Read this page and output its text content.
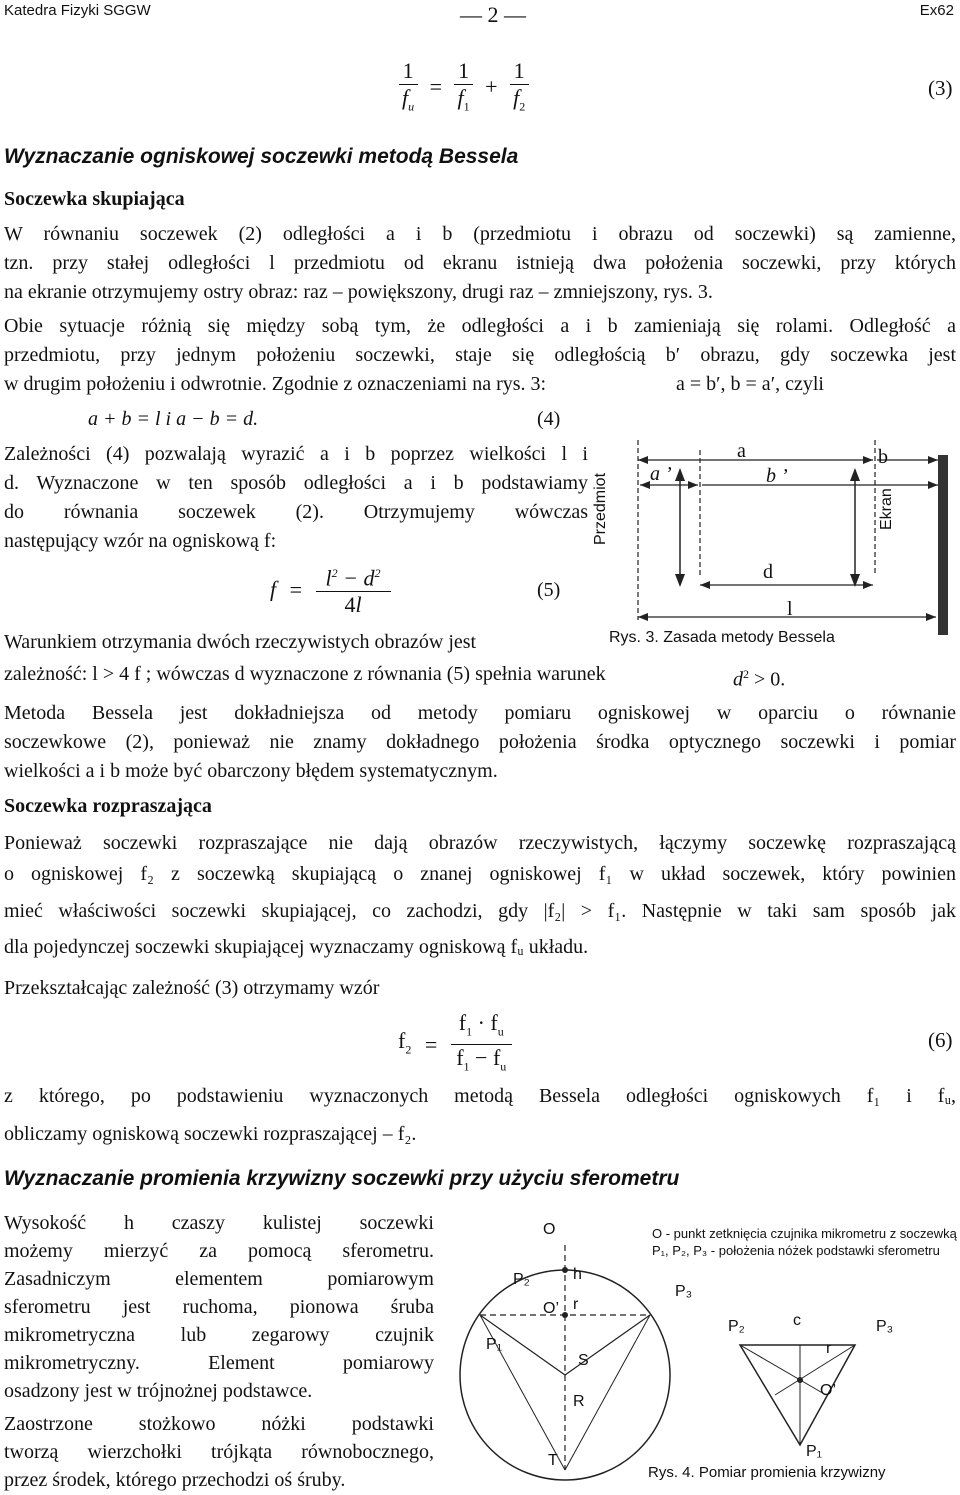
Katedra Fizyki SGGW	— 2 —	Ex62
$\frac{1}{f_u} = \frac{1}{f_1} + \frac{1}{f_2}$	(3)
Wyznaczanie ogniskowej soczewki metodą Bessela
Soczewka skupiająca
W równaniu soczewek (2) odległości a i b (przedmiotu i obrazu od soczewki) są zamienne,
tzn. przy stałej odległości l przedmiotu od ekranu istnieją dwa położenia soczewki, przy których
na ekranie otrzymujemy ostry obraz: raz ⎯ powiększony, drugi raz ⎯ zmniejszony, rys. 3.
Obie sytuacje różnią się między sobą tym, że odległości a i b zamieniają się rolami. Odległość a
przedmiotu, przy jednym położeniu soczewki, staje się odległością b′ obrazu, gdy soczewka jest
w drugim położeniu i odwrotnie. Zgodnie z oznaczeniami na rys. 3:	a = b′, b = a′, czyli
a + b = l i a − b = d.	(4)
Zależności (4) pozwalają wyrazić a i b poprzez wielkości l i
d. Wyznaczone w ten sposób odległości a i b podstawiamy
do równania soczewek (2). Otrzymujemy wówczas
następujący wzór na ogniskową f:
$f = \frac{l^2 - d^2}{4l}$	(5)
Warunkiem otrzymania dwóch rzeczywistych obrazów jest
zależność: l > 4 f ; wówczas d wyznaczone z równania (5) spełnia warunek	$d^2 > 0$.
Metoda Bessela jest dokładniejsza od metody pomiaru ogniskowej w oparciu o równanie
soczewkowe (2), ponieważ nie znamy dokładnego położenia środka optycznego soczewki i pomiar
wielkości a i b może być obarczony błędem systematycznym.
a	b
a ’	b ’
d
l
Przedmiot	Ekran
Rys. 3. Zasada metody Bessela
Soczewka rozpraszająca
Ponieważ soczewki rozpraszające nie dają obrazów rzeczywistych, łączymy soczewkę rozpraszającą
o ogniskowej f₂ z soczewką skupiającą o znanej ogniskowej f₁ w układ soczewek, który powinien
mieć właściwości soczewki skupiającej, co zachodzi, gdy |f₂| > f₁. Następnie w taki sam sposób jak
dla pojedynczej soczewki skupiającej wyznaczamy ogniskową fᵤ układu.
Przekształcając zależność (3) otrzymamy wzór
$f_2 = \frac{f_1 \cdot f_u}{f_1 - f_u}$	(6)
z którego, po podstawieniu wyznaczonych metodą Bessela odległości ogniskowych f₁ i fᵤ,
obliczamy ogniskową soczewki rozpraszającej ⎯ f₂.
Wyznaczanie promienia krzywizny soczewki przy użyciu sferometru
Wysokość h czaszy kulistej soczewki
możemy mierzyć za pomocą sferometru.
Zasadniczym elementem pomiarowym
sferometru jest ruchoma, pionowa śruba
mikrometryczna lub zegarowy czujnik
mikrometryczny. Element pomiarowy
osadzony jest w trójnożnej podstawce.
Zaostrzone stożkowo nóżki podstawki
tworzą wierzchołki trójkąta równobocznego,
przez środek, którego przechodzi oś śruby.
O - punkt zetknięcia czujnika mikrometru z soczewką
P₁, P₂, P₃ - położenia nóżek podstawki sferometru
O
P₂	h
O’ r
P₁
S
R
T
P₃
P₂	c	P₃
r
O’
P₁
Rys. 4. Pomiar promienia krzywizny
